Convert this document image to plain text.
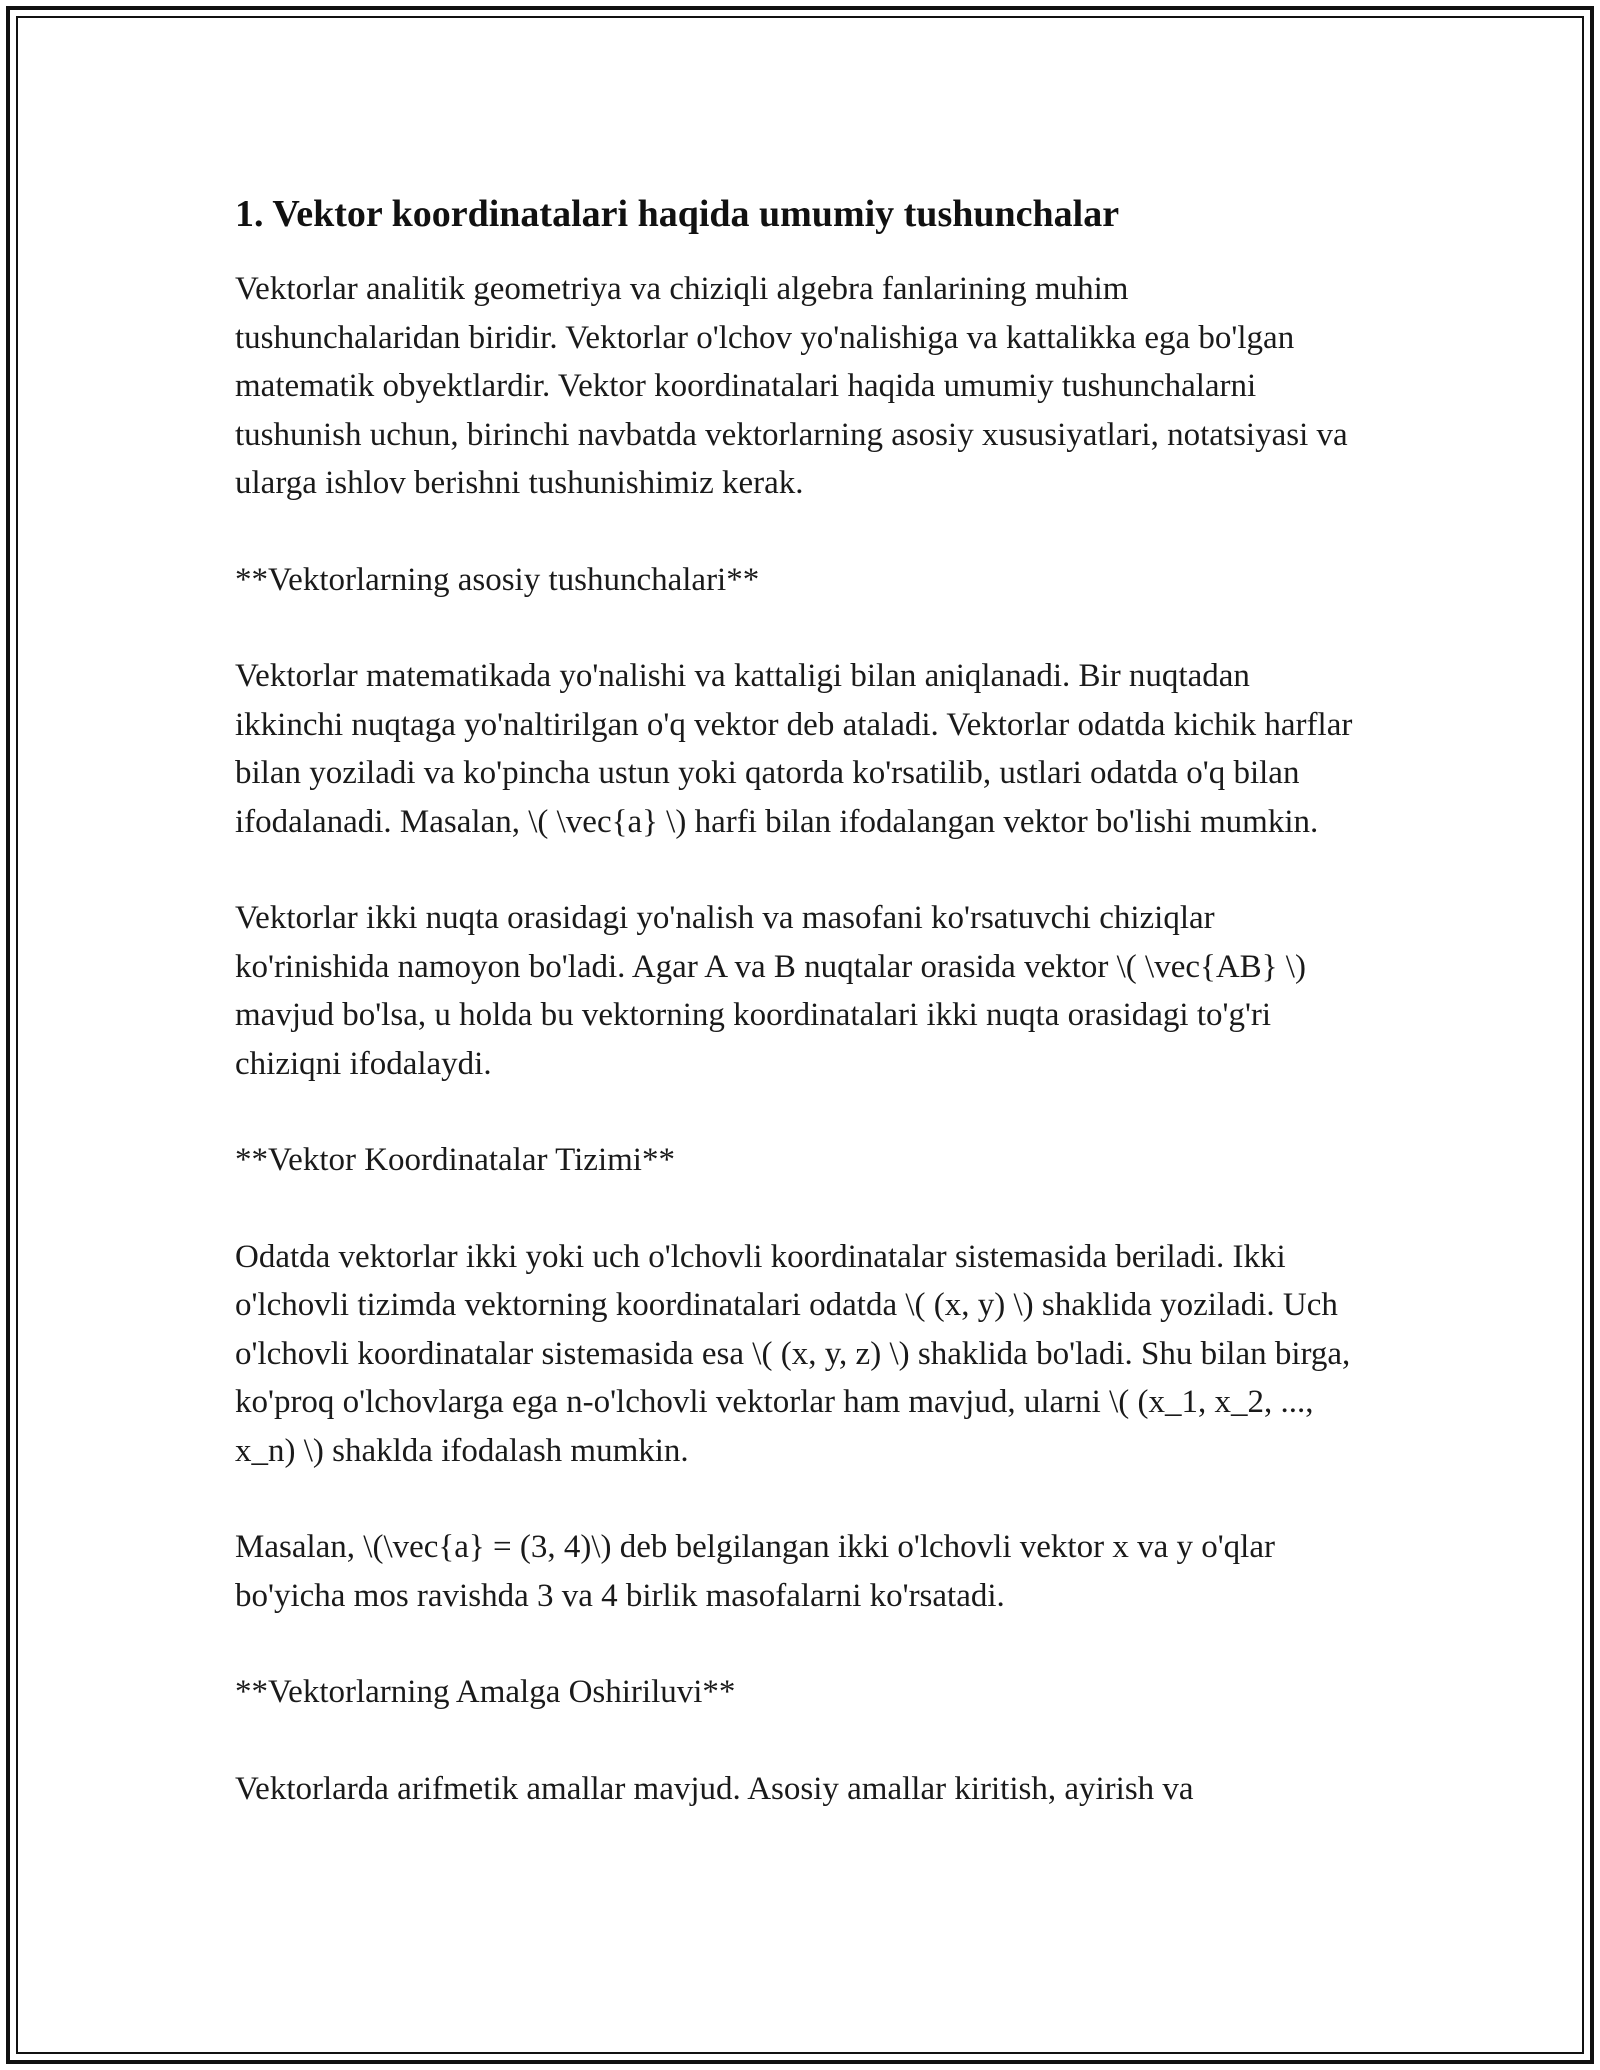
1. Vektor koordinatalari haqida umumiy tushunchalar

Vektorlar analitik geometriya va chiziqli algebra fanlarining muhim tushunchalaridan biridir. Vektorlar o'lchov yo'nalishiga va kattalikka ega bo'lgan matematik obyektlardir. Vektor koordinatalari haqida umumiy tushunchalarni tushunish uchun, birinchi navbatda vektorlarning asosiy xususiyatlari, notatsiyasi va ularga ishlov berishni tushunishimiz kerak.

**Vektorlarning asosiy tushunchalari**

Vektorlar matematikada yo'nalishi va kattaligi bilan aniqlanadi. Bir nuqtadan ikkinchi nuqtaga yo'naltirilgan o'q vektor deb ataladi. Vektorlar odatda kichik harflar bilan yoziladi va ko'pincha ustun yoki qatorda ko'rsatilib, ustlari odatda o'q bilan ifodalanadi. Masalan, \( \vec{a} \) harfi bilan ifodalangan vektor bo'lishi mumkin.

Vektorlar ikki nuqta orasidagi yo'nalish va masofani ko'rsatuvchi chiziqlar ko'rinishida namoyon bo'ladi. Agar A va B nuqtalar orasida vektor \( \vec{AB} \) mavjud bo'lsa, u holda bu vektorning koordinatalari ikki nuqta orasidagi to'g'ri chiziqni ifodalaydi.

**Vektor Koordinatalar Tizimi**

Odatda vektorlar ikki yoki uch o'lchovli koordinatalar sistemasida beriladi. Ikki o'lchovli tizimda vektorning koordinatalari odatda \( (x, y) \) shaklida yoziladi. Uch o'lchovli koordinatalar sistemasida esa \( (x, y, z) \) shaklida bo'ladi. Shu bilan birga, ko'proq o'lchovlarga ega n-o'lchovli vektorlar ham mavjud, ularni \( (x_1, x_2, ..., x_n) \) shaklda ifodalash mumkin.

Masalan, \(\vec{a} = (3, 4)\) deb belgilangan ikki o'lchovli vektor x va y o'qlar bo'yicha mos ravishda 3 va 4 birlik masofalarni ko'rsatadi.

**Vektorlarning Amalga Oshiriluvi**

Vektorlarda arifmetik amallar mavjud. Asosiy amallar kiritish, ayirish va
